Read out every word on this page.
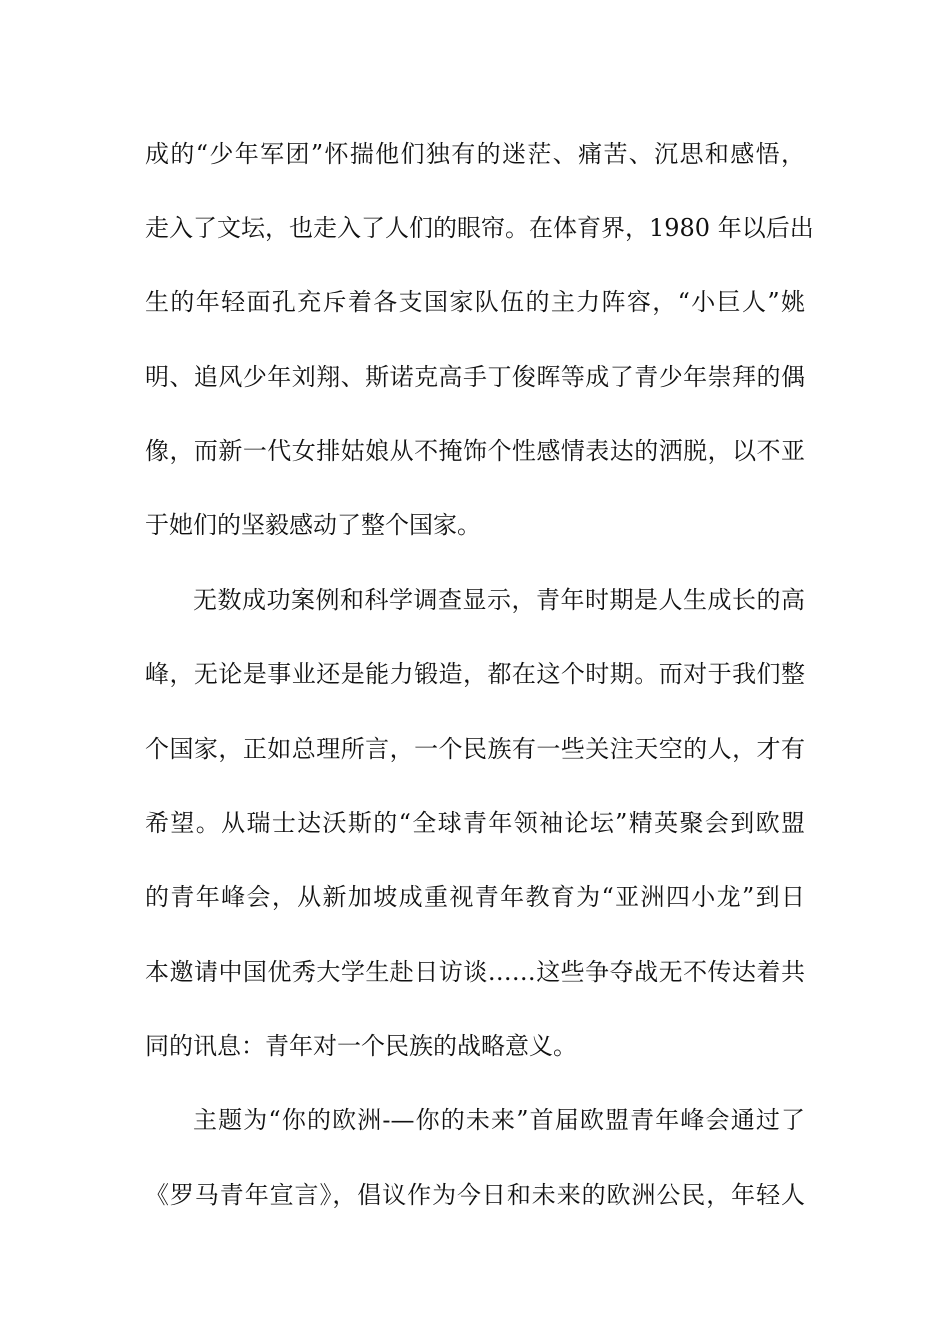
成的“少年军团”怀揣他们独有的迷茫、痛苦、沉思和感悟，
走入了文坛，也走入了人们的眼帘。在体育界，1980 年以后出
生的年轻面孔充斥着各支国家队伍的主力阵容，“小巨人”姚
明、追风少年刘翔、斯诺克高手丁俊晖等成了青少年崇拜的偶
像，而新一代女排姑娘从不掩饰个性感情表达的洒脱，以不亚
于她们的坚毅感动了整个国家。
无数成功案例和科学调查显示，青年时期是人生成长的高
峰，无论是事业还是能力锻造，都在这个时期。而对于我们整
个国家，正如总理所言，一个民族有一些关注天空的人，才有
希望。从瑞士达沃斯的“全球青年领袖论坛”精英聚会到欧盟
的青年峰会，从新加坡成重视青年教育为“亚洲四小龙”到日
本邀请中国优秀大学生赴日访谈……这些争夺战无不传达着共
同的讯息：青年对一个民族的战略意义。
主题为“你的欧洲-—你的未来”首届欧盟青年峰会通过了
《罗马青年宣言》，倡议作为今日和未来的欧洲公民，年轻人
